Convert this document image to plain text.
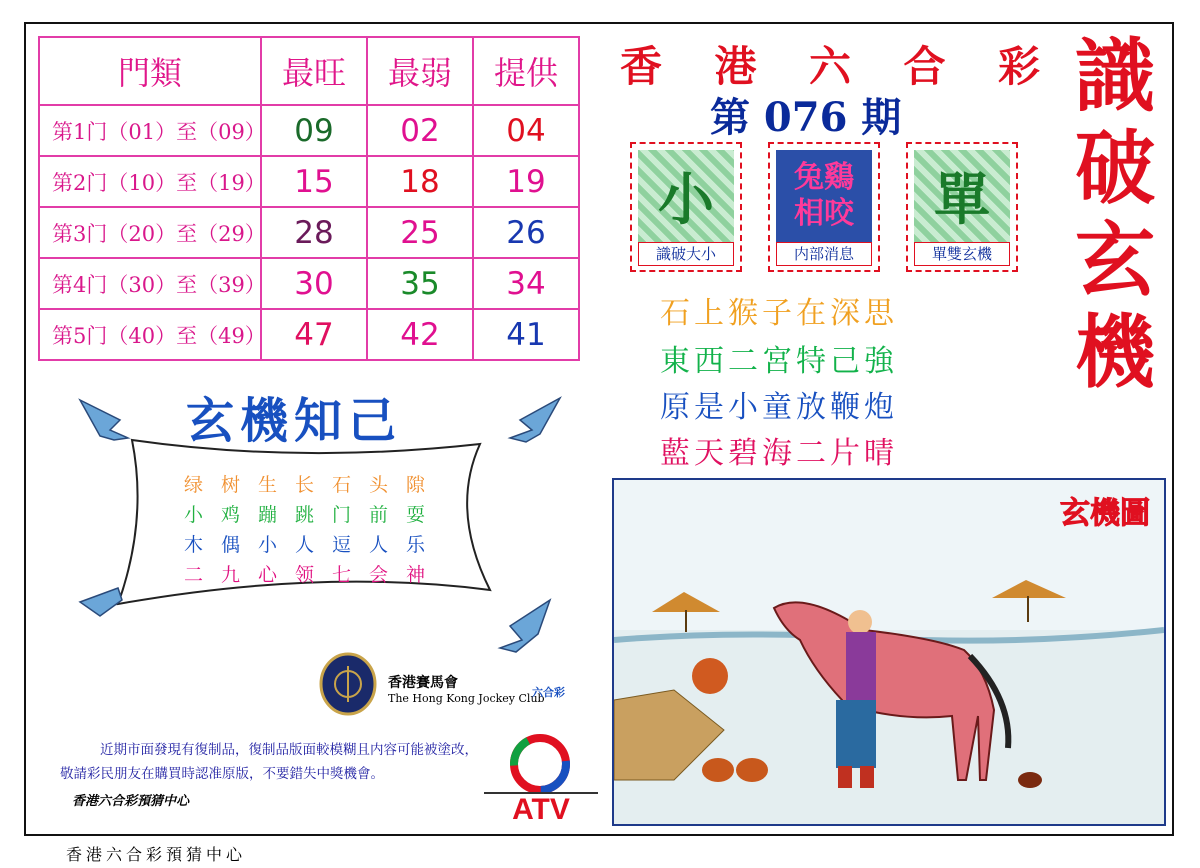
門類	最旺	最弱	提供
第1门（01）至（09）	09	02	04
第2门（10）至（19）	15	18	19
第3门（20）至（29）	28	25	26
第4门（30）至（39）	30	35	34
第5门（40）至（49）	47	42	41
香 港 六 合 彩
第 076 期 識
破
玄
機
小
識破大小
兔鷄
相咬
内部消息
單
單雙玄機
石上猴子在深思
東西二宮特己強
原是小童放鞭炮
藍天碧海二片晴
玄機知己
绿树生长石头隙
小鸡蹦跳门前耍
木偶小人逗人乐
二九心领七会神
香港賽馬會
The Hong Kong Jockey Club
六合彩
近期市面發現有復制品，復制品版面較模糊且内容可能被塗改，敬請彩民朋友在購買時認准原版，不要錯失中獎機會。
香港六合彩預猜中心	ATV
玄機圖
香港六合彩預猜中心
